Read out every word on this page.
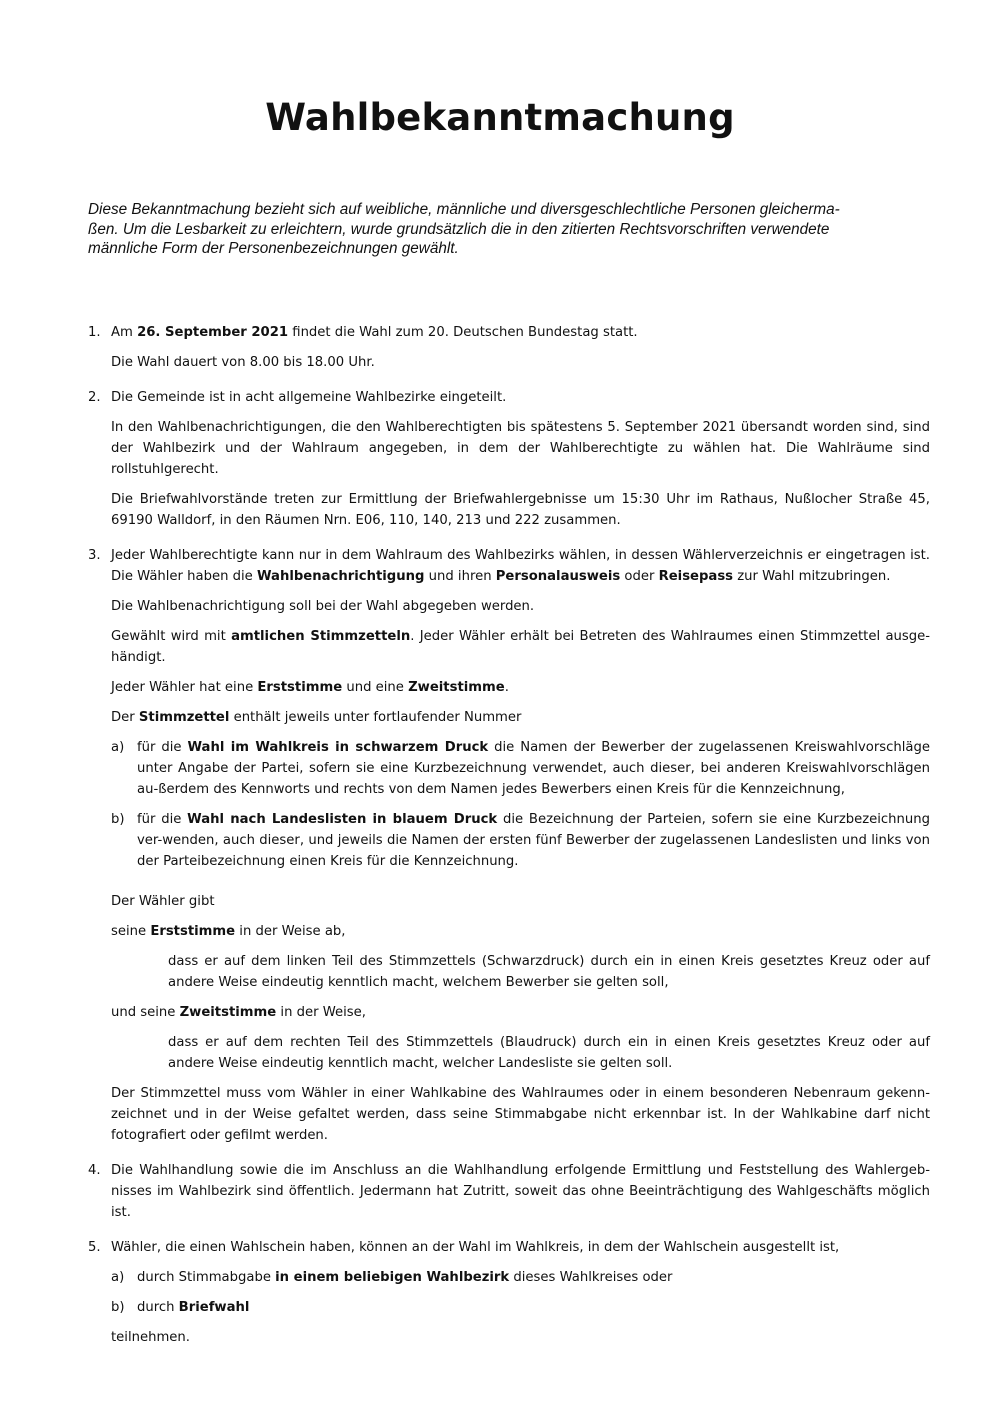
Wahlbekanntmachung

Diese Bekanntmachung bezieht sich auf weibliche, männliche und diversgeschlechtliche Personen gleicherma-
ßen. Um die Lesbarkeit zu erleichtern, wurde grundsätzlich die in den zitierten Rechtsvorschriften verwendete
männliche Form der Personenbezeichnungen gewählt.

1. Am 26. September 2021 findet die Wahl zum 20. Deutschen Bundestag statt.

Die Wahl dauert von 8.00 bis 18.00 Uhr.

2. Die Gemeinde ist in acht allgemeine Wahlbezirke eingeteilt.

In den Wahlbenachrichtigungen, die den Wahlberechtigten bis spätestens 5. September 2021 übersandt worden sind, sind der Wahlbezirk und der Wahlraum angegeben, in dem der Wahlberechtigte zu wählen hat. Die Wahlräume sind rollstuhlgerecht.

Die Briefwahlvorstände treten zur Ermittlung der Briefwahlergebnisse um 15:30 Uhr im Rathaus, Nußlocher Straße 45, 69190 Walldorf, in den Räumen Nrn. E06, 110, 140, 213 und 222 zusammen.

3. Jeder Wahlberechtigte kann nur in dem Wahlraum des Wahlbezirks wählen, in dessen Wählerverzeichnis er eingetragen ist. Die Wähler haben die Wahlbenachrichtigung und ihren Personalausweis oder Reisepass zur Wahl mitzubringen.

Die Wahlbenachrichtigung soll bei der Wahl abgegeben werden.

Gewählt wird mit amtlichen Stimmzetteln. Jeder Wähler erhält bei Betreten des Wahlraumes einen Stimmzettel ausge-händigt.

Jeder Wähler hat eine Erststimme und eine Zweitstimme.

Der Stimmzettel enthält jeweils unter fortlaufender Nummer

a) für die Wahl im Wahlkreis in schwarzem Druck die Namen der Bewerber der zugelassenen Kreiswahlvorschläge unter Angabe der Partei, sofern sie eine Kurzbezeichnung verwendet, auch dieser, bei anderen Kreiswahlvorschlägen au-ßerdem des Kennworts und rechts von dem Namen jedes Bewerbers einen Kreis für die Kennzeichnung,
b) für die Wahl nach Landeslisten in blauem Druck die Bezeichnung der Parteien, sofern sie eine Kurzbezeichnung ver-wenden, auch dieser, und jeweils die Namen der ersten fünf Bewerber der zugelassenen Landeslisten und links von der Parteibezeichnung einen Kreis für die Kennzeichnung.

Der Wähler gibt

seine Erststimme in der Weise ab,

dass er auf dem linken Teil des Stimmzettels (Schwarzdruck) durch ein in einen Kreis gesetztes Kreuz oder auf andere Weise eindeutig kenntlich macht, welchem Bewerber sie gelten soll,

und seine Zweitstimme in der Weise,

dass er auf dem rechten Teil des Stimmzettels (Blaudruck) durch ein in einen Kreis gesetztes Kreuz oder auf andere Weise eindeutig kenntlich macht, welcher Landesliste sie gelten soll.

Der Stimmzettel muss vom Wähler in einer Wahlkabine des Wahlraumes oder in einem besonderen Nebenraum gekenn-zeichnet und in der Weise gefaltet werden, dass seine Stimmabgabe nicht erkennbar ist. In der Wahlkabine darf nicht fotografiert oder gefilmt werden.

4. Die Wahlhandlung sowie die im Anschluss an die Wahlhandlung erfolgende Ermittlung und Feststellung des Wahlergeb-nisses im Wahlbezirk sind öffentlich. Jedermann hat Zutritt, soweit das ohne Beeinträchtigung des Wahlgeschäfts möglich ist.

5. Wähler, die einen Wahlschein haben, können an der Wahl im Wahlkreis, in dem der Wahlschein ausgestellt ist,

a) durch Stimmabgabe in einem beliebigen Wahlbezirk dieses Wahlkreises oder
b) durch Briefwahl

teilnehmen.
